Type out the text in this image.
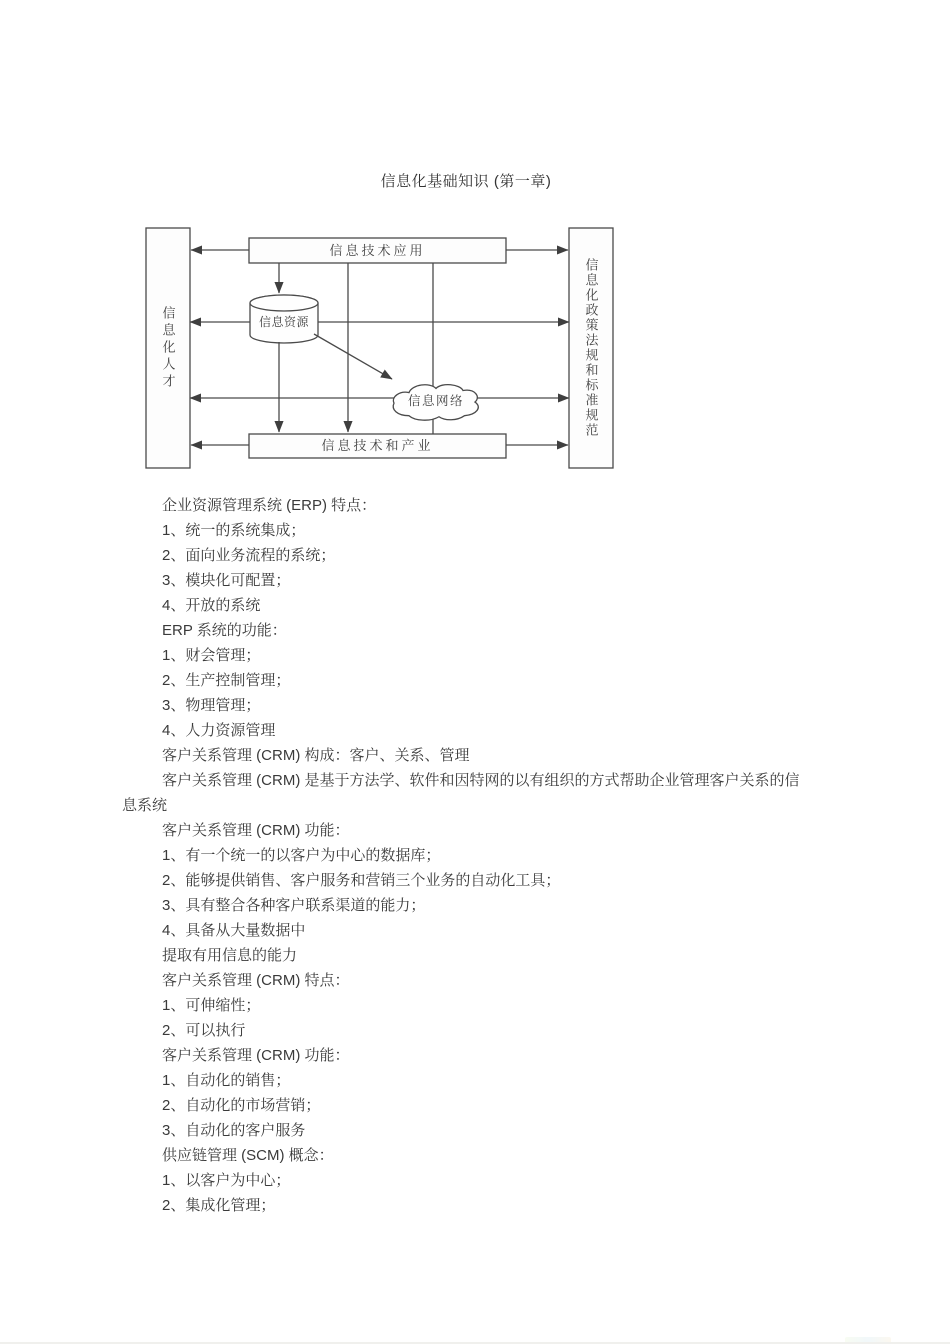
信息化基础知识 (第一章)
信息技术应用
信息技术和产业
信息资源
信息网络
信息化人才	信息化政策法规和标准规范
企业资源管理系统 (ERP) 特点：
1、统一的系统集成；
2、面向业务流程的系统；
3、模块化可配置；
4、开放的系统
ERP 系统的功能：
1、财会管理；
2、生产控制管理；
3、物理管理；
4、人力资源管理
客户关系管理 (CRM) 构成：客户、关系、管理
客户关系管理 (CRM) 是基于方法学、软件和因特网的以有组织的方式帮助企业管理客户关系的信
息系统
客户关系管理 (CRM) 功能：
1、有一个统一的以客户为中心的数据库；
2、能够提供销售、客户服务和营销三个业务的自动化工具；
3、具有整合各种客户联系渠道的能力；
4、具备从大量数据中
提取有用信息的能力
客户关系管理 (CRM) 特点：
1、可伸缩性；
2、可以执行
客户关系管理 (CRM) 功能：
1、自动化的销售；
2、自动化的市场营销；
3、自动化的客户服务
供应链管理 (SCM) 概念：
1、以客户为中心；
2、集成化管理；
